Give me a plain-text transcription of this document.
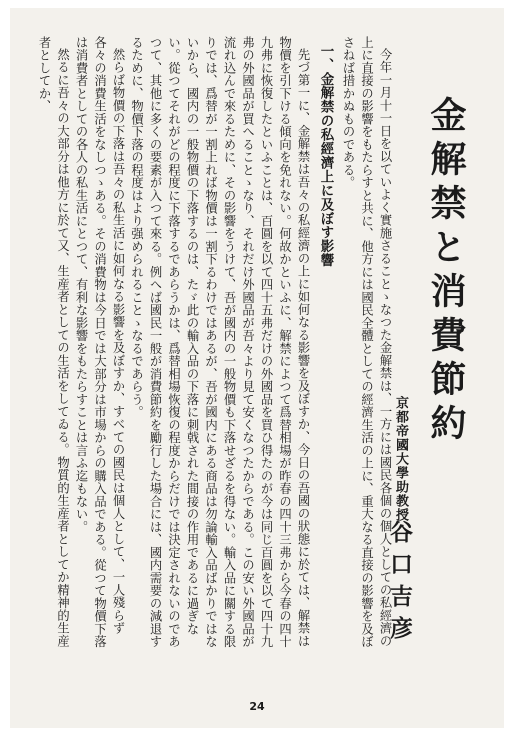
金解禁と消費節約
京都帝國大學助教授
谷口吉彦

今年一月十一日を以ていよく實施さることゝなつた金解禁は、一方には國民各個の個人としての私經濟の上に直接の影響をもたらすと共に、他方には國民全體としての經濟生活の上に、重大なる直接の影響を及ぼさねば措かぬものである。

一、金解禁の私經濟上に及ぼす影響

先づ第一に、金解禁は吾々の私經濟の上に如何なる影響を及ぼすか、今日の吾國の狀態に於ては、解禁は物價を引下ける傾向を免れない。何故かといふに、解禁によつて爲替相場が昨春の四十三弗から今春の四十九弗に恢復したといふことは、百圓を以て四十五弗だけの外國品を買ひ得たのが今は同じ百圓を以て四十九弗の外國品が買へることゝなり、それだけ外國品が吾々より見て安くなつたからである。この安い外國品が流れ込んで來るために、その影響をうけて、吾が國内の一般物價も下落せざるを得ない。輸入品に關する限りでは、爲替が一割上れば物價は一割下るわけではあるが、吾が國内にある商品は勿論輸入品ばかりではないから、國内の一般物價の下落するのは、たゞ此の輸入品の下落に刺戟された間接の作用であるに過ぎない。從つてそれがどの程度に下落するであらうかは、爲替相場恢復の程度からだけでは決定されないのであつて、其他に多くの要素が入つて來る。例へば國民一般が消費節約を勵行した場合には、國内需要の減退するために、物價下落の程度はより强められることゝなるであらう。

然らば物價の下落は吾々の私生活に如何なる影響を及ぼすか、すべての國民は個人として、一人殘らず各々の消費生活をなしつゝある。その消費物は今日では大部分は市場からの購入品である。從つて物價下落は消費者としての各人の私生活にとつて、有利な影響をもたらすことは言ふ迄もない。

然るに吾々の大部分は他方に於て又、生産者としての生活をしてゐる。物質的生産者としてか精神的生産者としてか、

24
